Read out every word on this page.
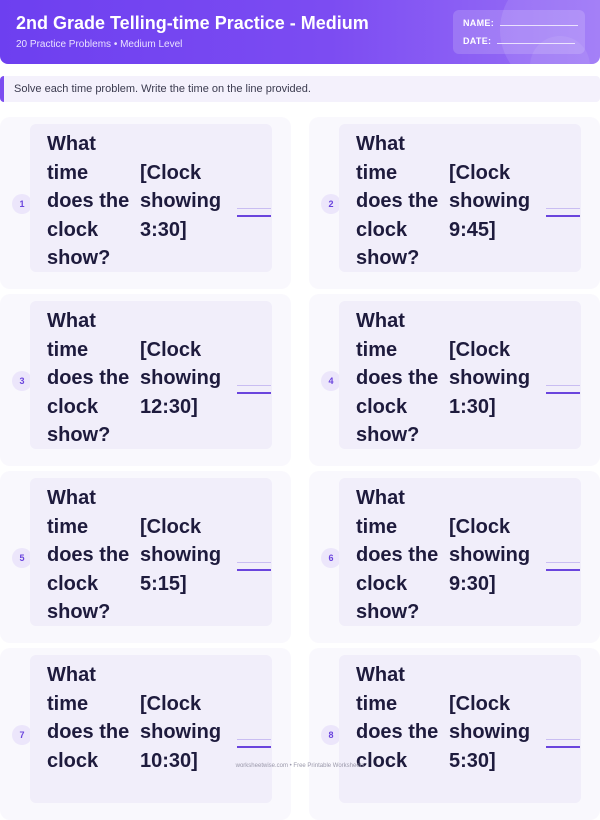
2nd Grade Telling-time Practice - Medium
20 Practice Problems • Medium Level
NAME:
DATE:
Solve each time problem. Write the time on the line provided.
1
What
time
does the
clock
show?
[Clock
showing
3:30]
2
What
time
does the
clock
show?
[Clock
showing
9:45]
3
What
time
does the
clock
show?
[Clock
showing
12:30]
4
What
time
does the
clock
show?
[Clock
showing
1:30]
5
What
time
does the
clock
show?
[Clock
showing
5:15]
6
What
time
does the
clock
show?
[Clock
showing
9:30]
7
What
time
does the
clock
[Clock
showing
10:30]
8
What
time
does the
clock
[Clock
showing
5:30]
worksheetwise.com • Free Printable Worksheets
